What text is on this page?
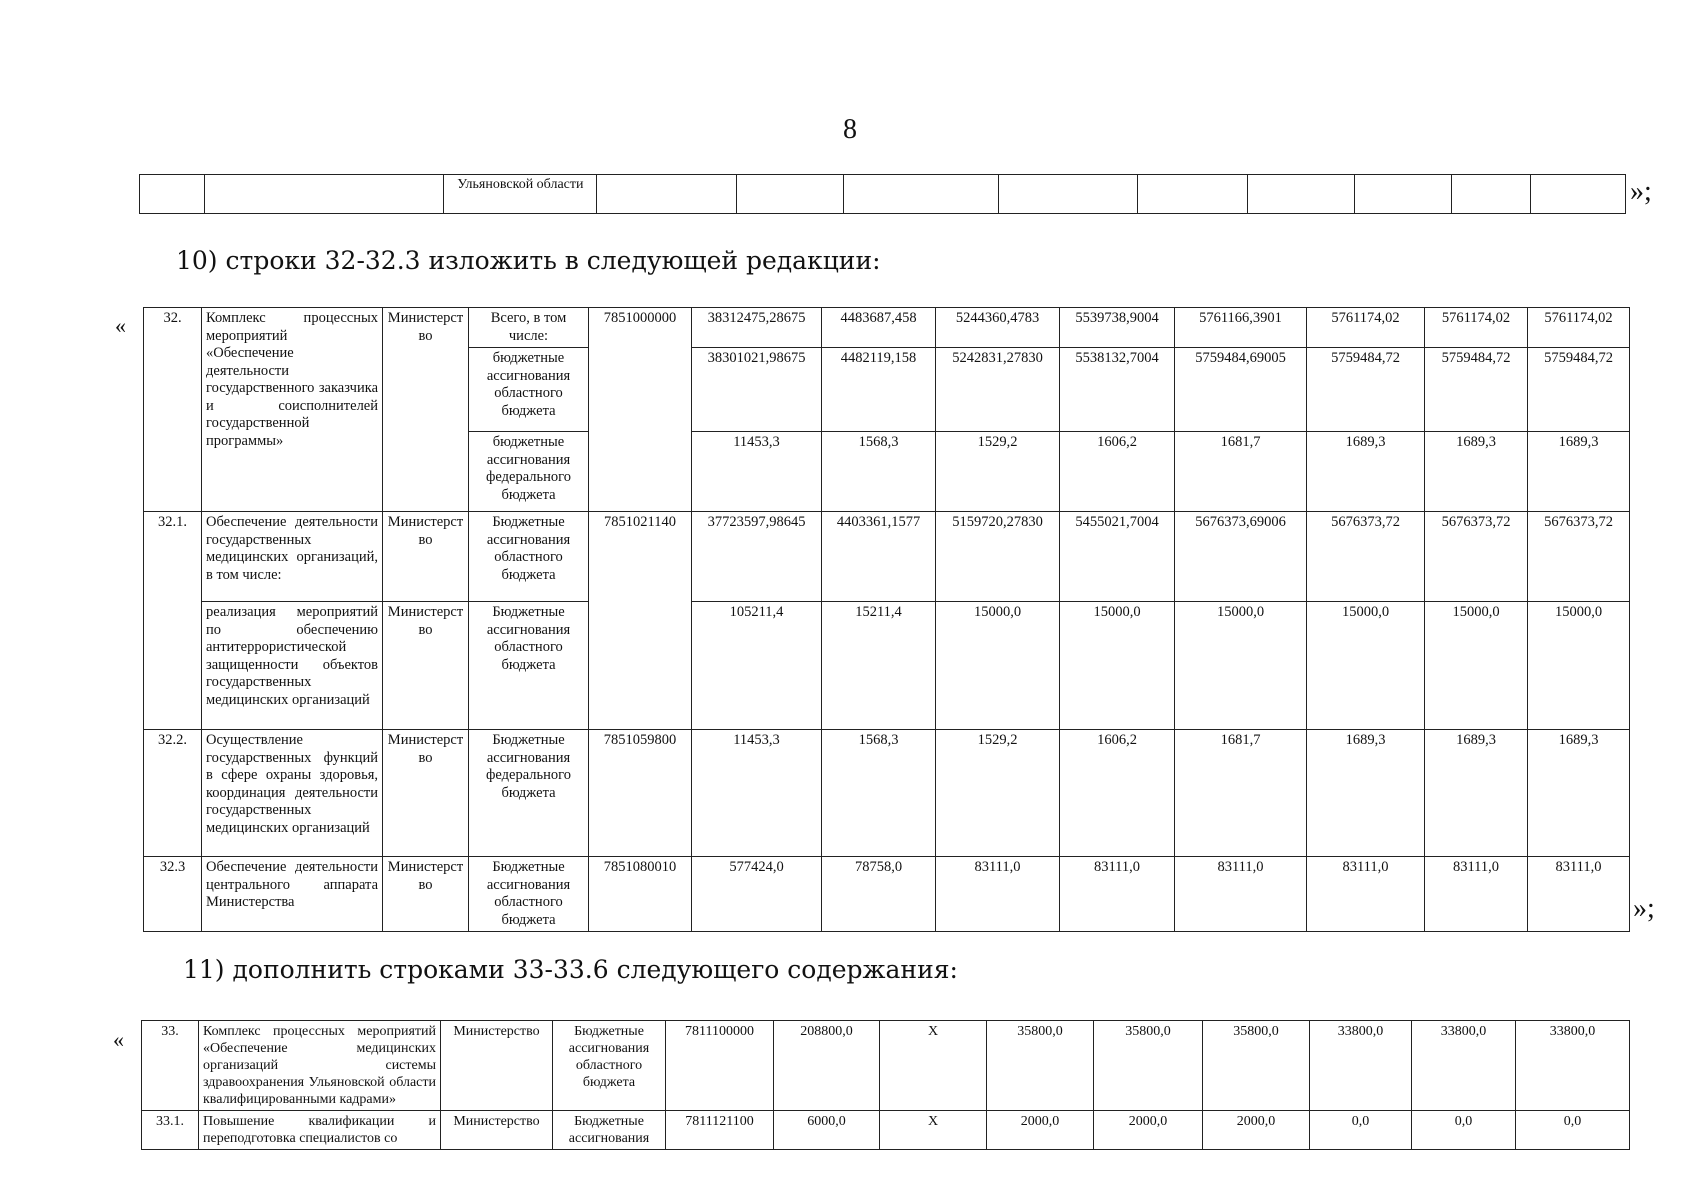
8
		Ульяновской области										»;
10) строки 32-32.3 изложить в следующей редакции:
«	32.	Комплекс процессных мероприятий «Обеспечение деятельности государственного заказчика и соисполнителей государственной программы»	Министерство	Всего, в том числе:	7851000000	38312475,28675	4483687,458	5244360,4783	5539738,9004	5761166,3901	5761174,02	5761174,02	5761174,02
			бюджетные ассигнования областного бюджета		38301021,98675	4482119,158	5242831,27830	5538132,7004	5759484,69005	5759484,72	5759484,72	5759484,72
			бюджетные ассигнования федерального бюджета		11453,3	1568,3	1529,2	1606,2	1681,7	1689,3	1689,3	1689,3
32.1.	Обеспечение деятельности государственных медицинских организаций, в том числе:	Министерство	Бюджетные ассигнования областного бюджета	7851021140	37723597,98645	4403361,1577	5159720,27830	5455021,7004	5676373,69006	5676373,72	5676373,72	5676373,72
	реализация мероприятий по обеспечению антитеррористической защищенности объектов государственных медицинских организаций	Министерство	Бюджетные ассигнования областного бюджета		105211,4	15211,4	15000,0	15000,0	15000,0	15000,0	15000,0	15000,0
32.2.	Осуществление государственных функций в сфере охраны здоровья, координация деятельности государственных медицинских организаций	Министерство	Бюджетные ассигнования федерального бюджета	7851059800	11453,3	1568,3	1529,2	1606,2	1681,7	1689,3	1689,3	1689,3
32.3	Обеспечение деятельности центрального аппарата Министерства	Министерство	Бюджетные ассигнования областного бюджета	7851080010	577424,0	78758,0	83111,0	83111,0	83111,0	83111,0	83111,0	83111,0
»;
11) дополнить строками 33-33.6 следующего содержания:
«	33.	Комплекс процессных мероприятий «Обеспечение медицинских организаций системы здравоохранения Ульяновской области квалифицированными кадрами»	Министерство	Бюджетные ассигнования областного бюджета	7811100000	208800,0	X	35800,0	35800,0	35800,0	33800,0	33800,0	33800,0
33.1.	Повышение квалификации и переподготовка специалистов со	Министерство	Бюджетные ассигнования	7811121100	6000,0	X	2000,0	2000,0	2000,0	0,0	0,0	0,0
